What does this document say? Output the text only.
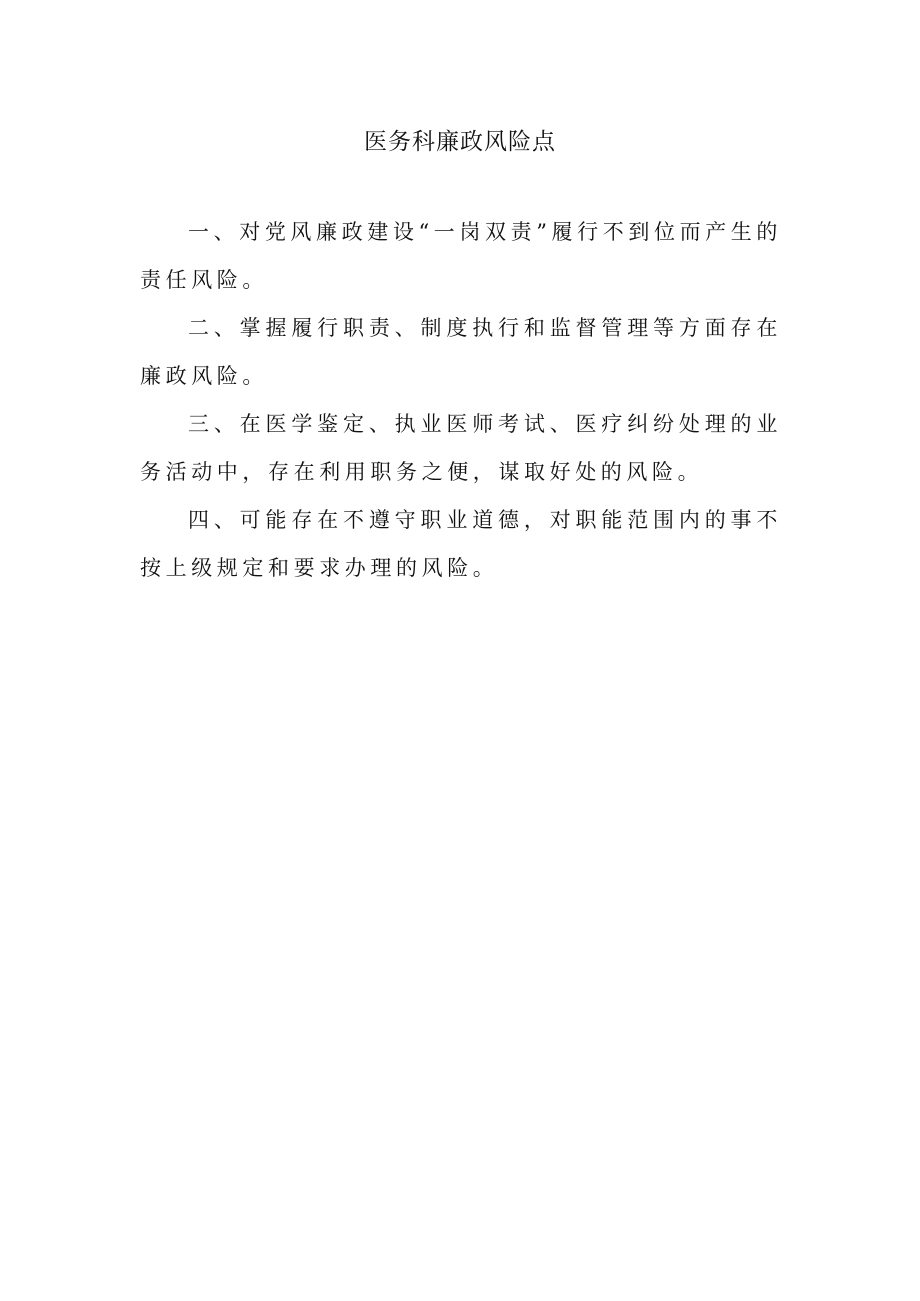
医务科廉政风险点

一、对党风廉政建设“一岗双责”履行不到位而产生的责任风险。

二、掌握履行职责、制度执行和监督管理等方面存在廉政风险。

三、在医学鉴定、执业医师考试、医疗纠纷处理的业务活动中，存在利用职务之便，谋取好处的风险。

四、可能存在不遵守职业道德，对职能范围内的事不按上级规定和要求办理的风险。
